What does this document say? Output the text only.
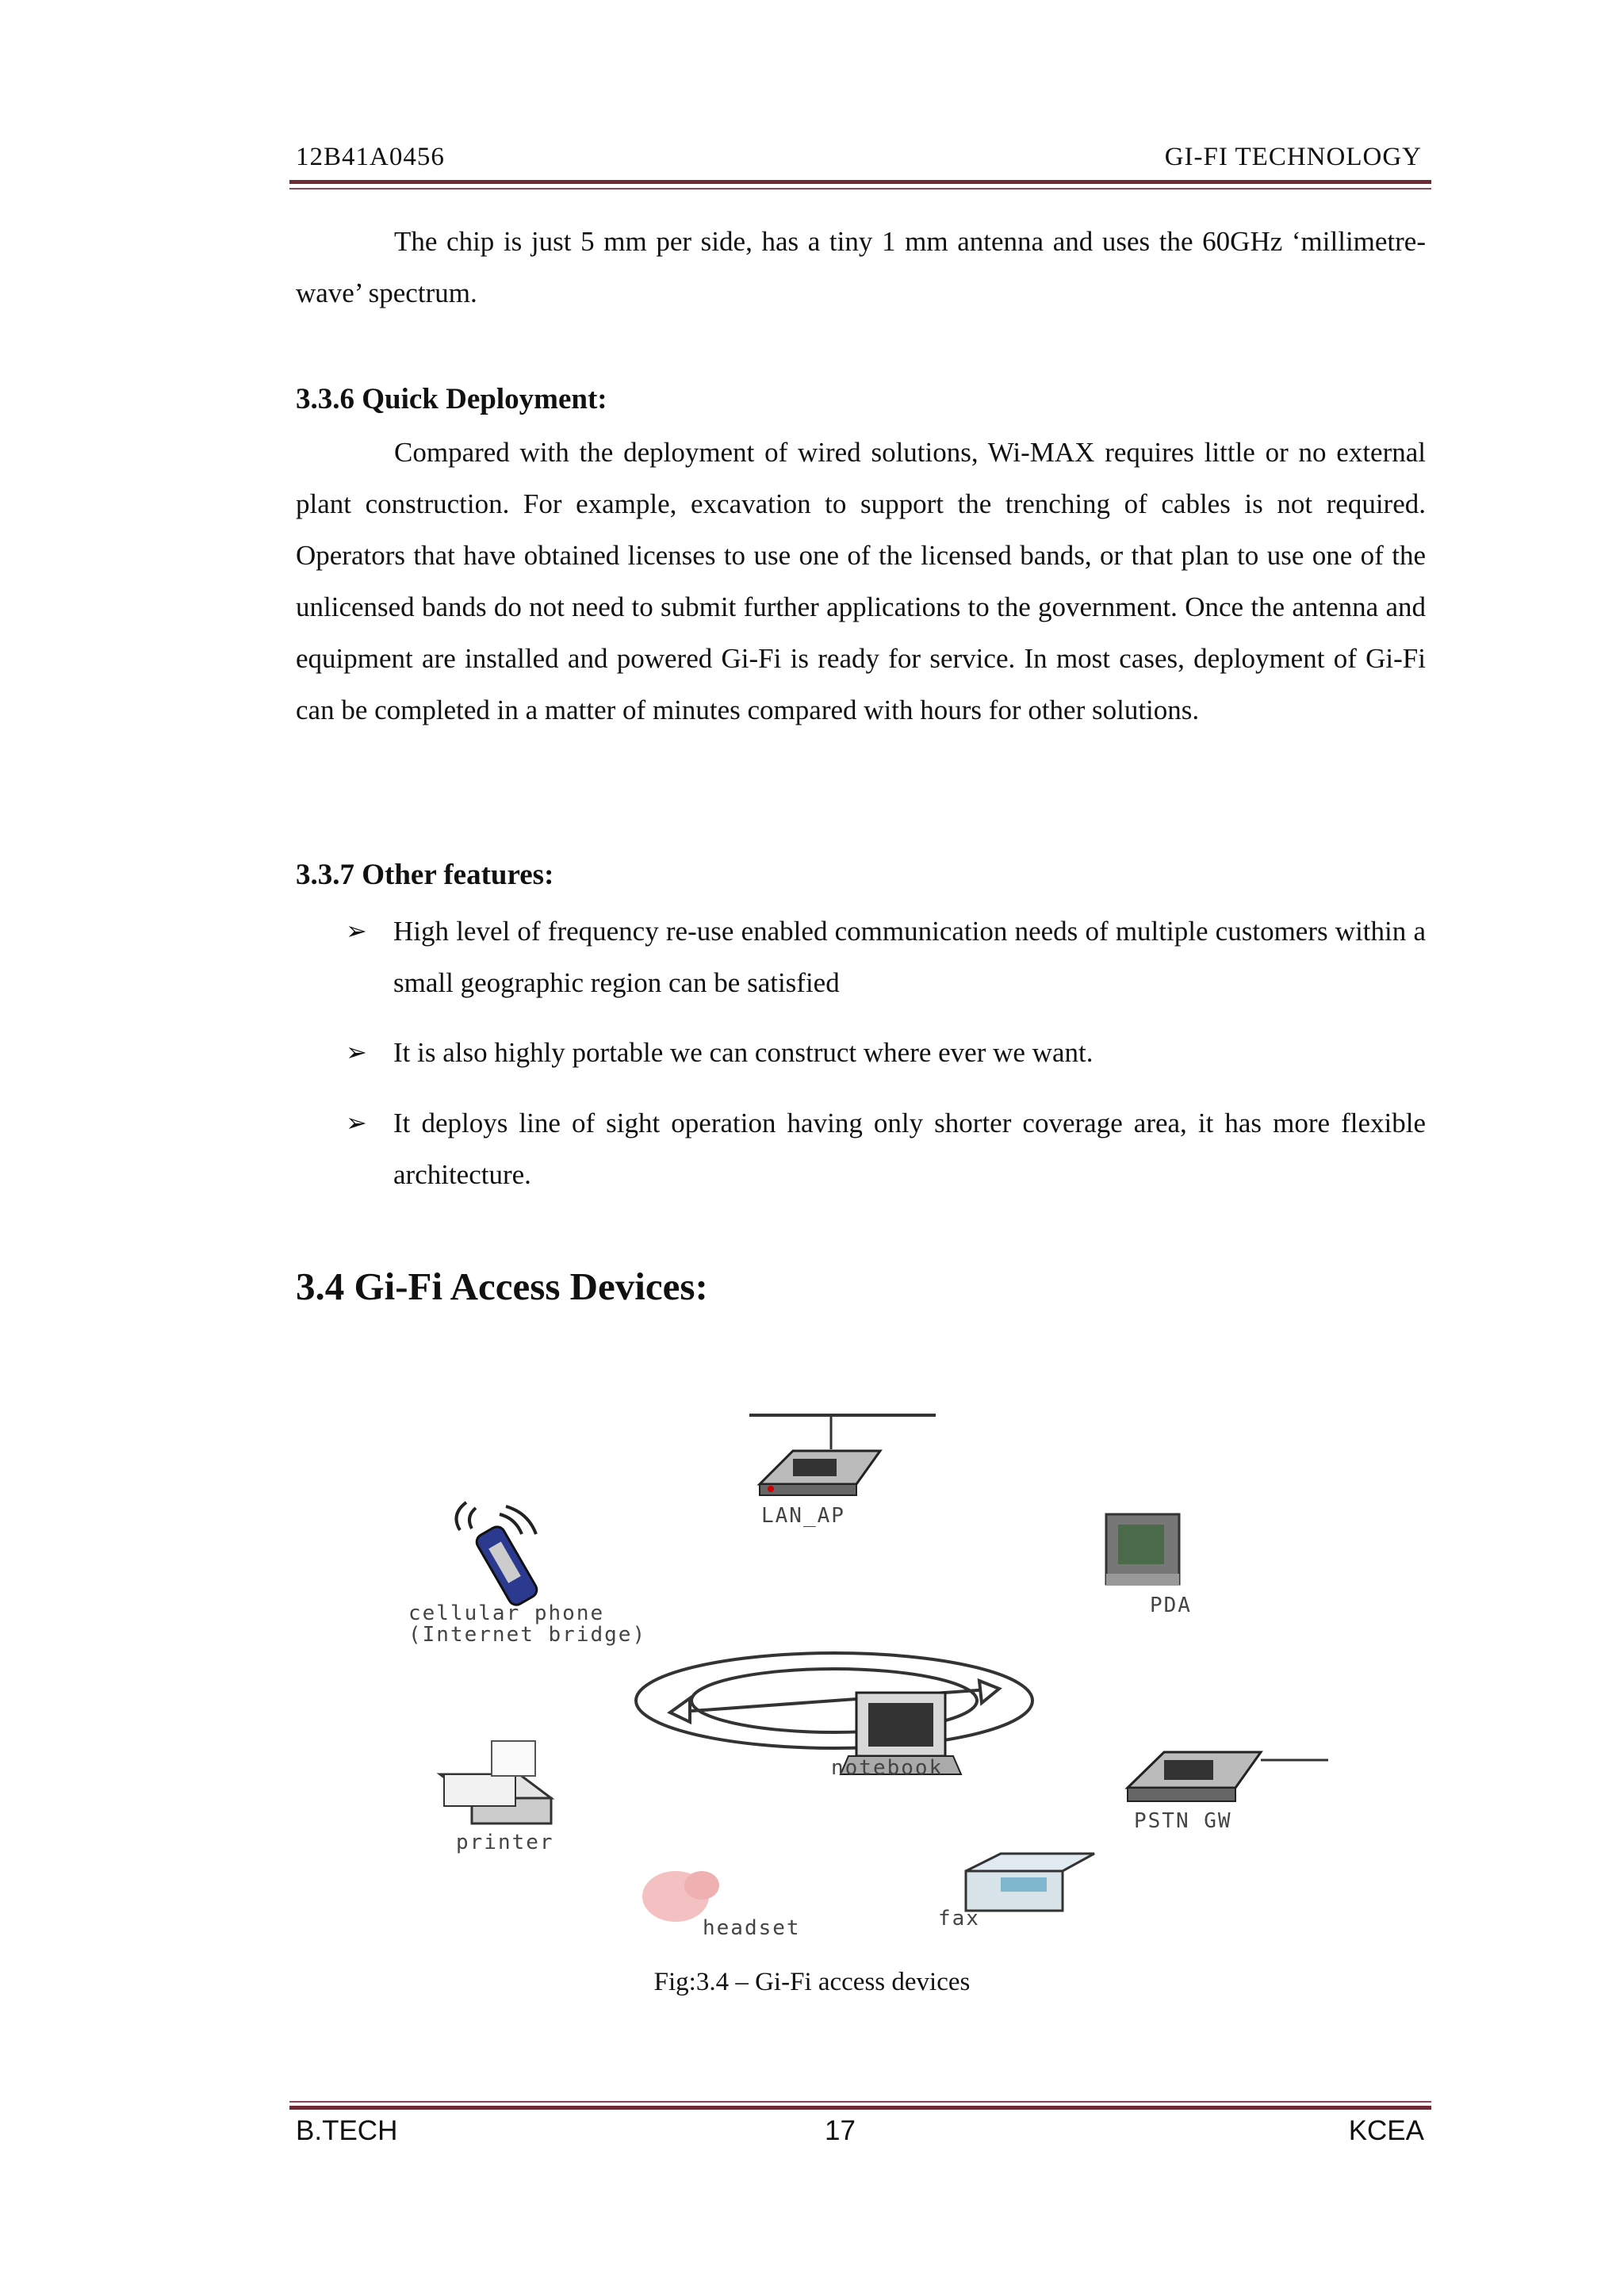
12B41A0456	GI-FI TECHNOLOGY
The chip is just 5 mm per side, has a tiny 1 mm antenna and uses the 60GHz ‘millimetre-wave’ spectrum.
3.3.6 Quick Deployment:
Compared with the deployment of wired solutions, Wi-MAX requires little or no external plant construction. For example, excavation to support the trenching of cables is not required. Operators that have obtained licenses to use one of the licensed bands, or that plan to use one of the unlicensed bands do not need to submit further applications to the government. Once the antenna and equipment are installed and powered Gi-Fi is ready for service. In most cases, deployment of Gi-Fi can be completed in a matter of minutes compared with hours for other solutions.
3.3.7 Other features:
➢ High level of frequency re-use enabled communication needs of multiple customers within a small geographic region can be satisfied
➢ It is also highly portable we can construct where ever we want.
➢ It deploys line of sight operation having only shorter coverage area, it has more flexible architecture.
3.4 Gi-Fi Access Devices:
LAN_AP
cellular phone
(Internet bridge)
PDA
notebook
printer
PSTN GW
headset	fax
Fig:3.4 – Gi-Fi access devices
B.TECH	17	KCEA
